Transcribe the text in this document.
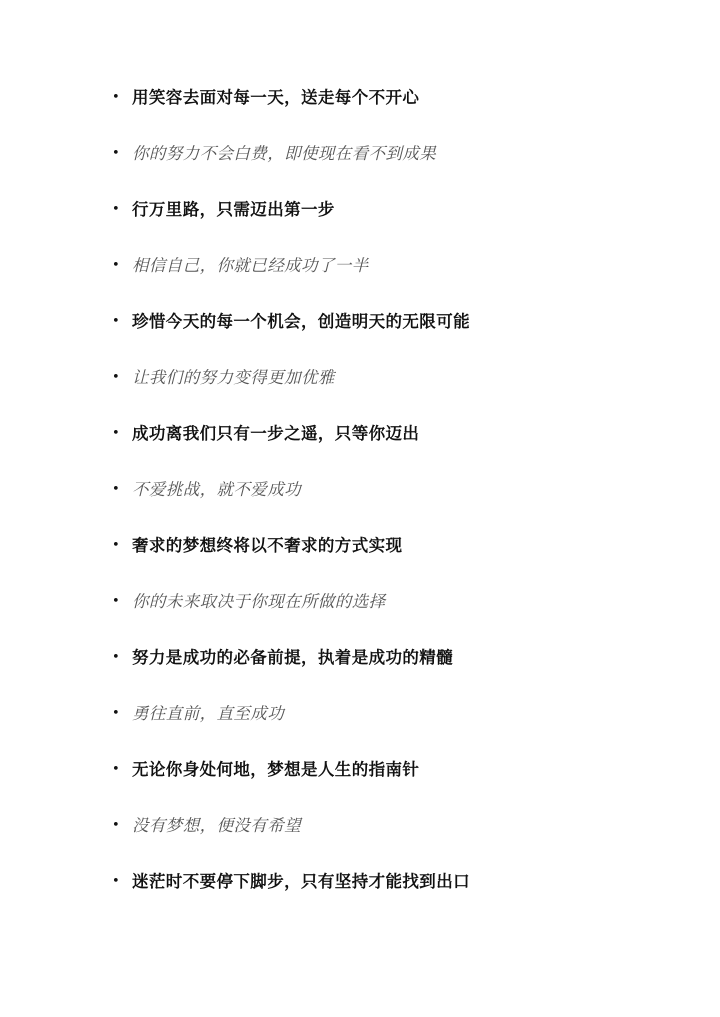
• 用笑容去面对每一天，送走每个不开心
• 你的努力不会白费，即使现在看不到成果
• 行万里路，只需迈出第一步
• 相信自己，你就已经成功了一半
• 珍惜今天的每一个机会，创造明天的无限可能
• 让我们的努力变得更加优雅
• 成功离我们只有一步之遥，只等你迈出
• 不爱挑战，就不爱成功
• 奢求的梦想终将以不奢求的方式实现
• 你的未来取决于你现在所做的选择
• 努力是成功的必备前提，执着是成功的精髓
• 勇往直前，直至成功
• 无论你身处何地，梦想是人生的指南针
• 没有梦想，便没有希望
• 迷茫时不要停下脚步，只有坚持才能找到出口
